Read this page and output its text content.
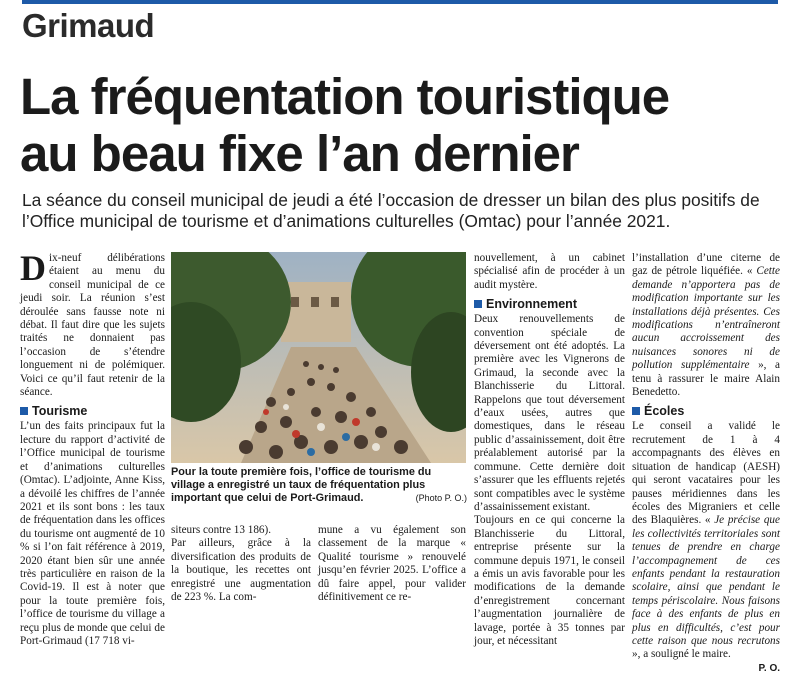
Grimaud
La fréquentation touristique
au beau fixe l’an dernier
La séance du conseil municipal de jeudi a été l’occasion de dresser un bilan des plus positifs de l’Office municipal de tourisme et d’animations culturelles (Omtac) pour l’année 2021.

Dix-neuf délibérations étaient au menu du conseil municipal de ce jeudi soir. La réunion s’est déroulée sans fausse note ni débat. Il faut dire que les sujets traités ne donnaient pas l’occasion de s’étendre longuement ni de polémiquer. Voici ce qu’il faut retenir de la séance.

Tourisme

L’un des faits principaux fut la lecture du rapport d’activité de l’Office municipal de tourisme et d’animations culturelles (Omtac). L’adjointe, Anne Kiss, a dévoilé les chiffres de l’année 2021 et ils sont bons : les taux de fréquentation dans les offices du tourisme ont augmenté de 10 % si l’on fait référence à 2019, 2020 étant bien sûr une année très particulière en raison de la Covid-19. Il est à noter que pour la toute première fois, l’office de tourisme du village a reçu plus de monde que celui de Port-Grimaud (17 718 vi-

Pour la toute première fois, l’office de tourisme du village a enregistré un taux de fréquentation plus important que celui de Port-Grimaud.	(Photo P. O.)
siteurs contre 13 186).
Par ailleurs, grâce à la diversification des produits de la boutique, les recettes ont enregistré une augmentation de 223 %. La com-
mune a vu également son classement de la marque « Qualité tourisme » renouvelé jusqu’en février 2025. L’office a dû faire appel, pour valider définitivement ce re-

nouvellement, à un cabinet spécialisé afin de procéder à un audit mystère.

Environnement

Deux renouvellements de convention spéciale de déversement ont été adoptés. La première avec les Vignerons de Grimaud, la seconde avec la Blanchisserie du Littoral. Rappelons que tout déversement d’eaux usées, autres que domestiques, dans le réseau public d’assainissement, doit être préalablement autorisé par la commune. Cette dernière doit s’assurer que les effluents rejetés sont compatibles avec le système d’assainissement existant.

Toujours en ce qui concerne la Blanchisserie du Littoral, entreprise présente sur la commune depuis 1971, le conseil a émis un avis favorable pour les modifications de la demande d’enregistrement concernant l’augmentation journalière de lavage, portée à 35 tonnes par jour, et nécessitant

l’installation d’une citerne de gaz de pétrole liquéfiée. « Cette demande n’apportera pas de modification importante sur les installations déjà présentes. Ces modifications n’entraîneront aucun accroissement des nuisances sonores ni de pollution supplémentaire », a tenu à rassurer le maire Alain Benedetto.

Écoles

Le conseil a validé le recrutement de 1 à 4 accompagnants des élèves en situation de handicap (AESH) qui seront vacataires pour les pauses méridiennes dans les écoles des Migraniers et celle des Blaquières. « Je précise que les collectivités territoriales sont tenues de prendre en charge l’accompagnement de ces enfants pendant la restauration scolaire, ainsi que pendant le temps périscolaire. Nous faisons face à des enfants de plus en plus en difficultés, c’est pour cette raison que nous recrutons », a souligné le maire.

P. O.
